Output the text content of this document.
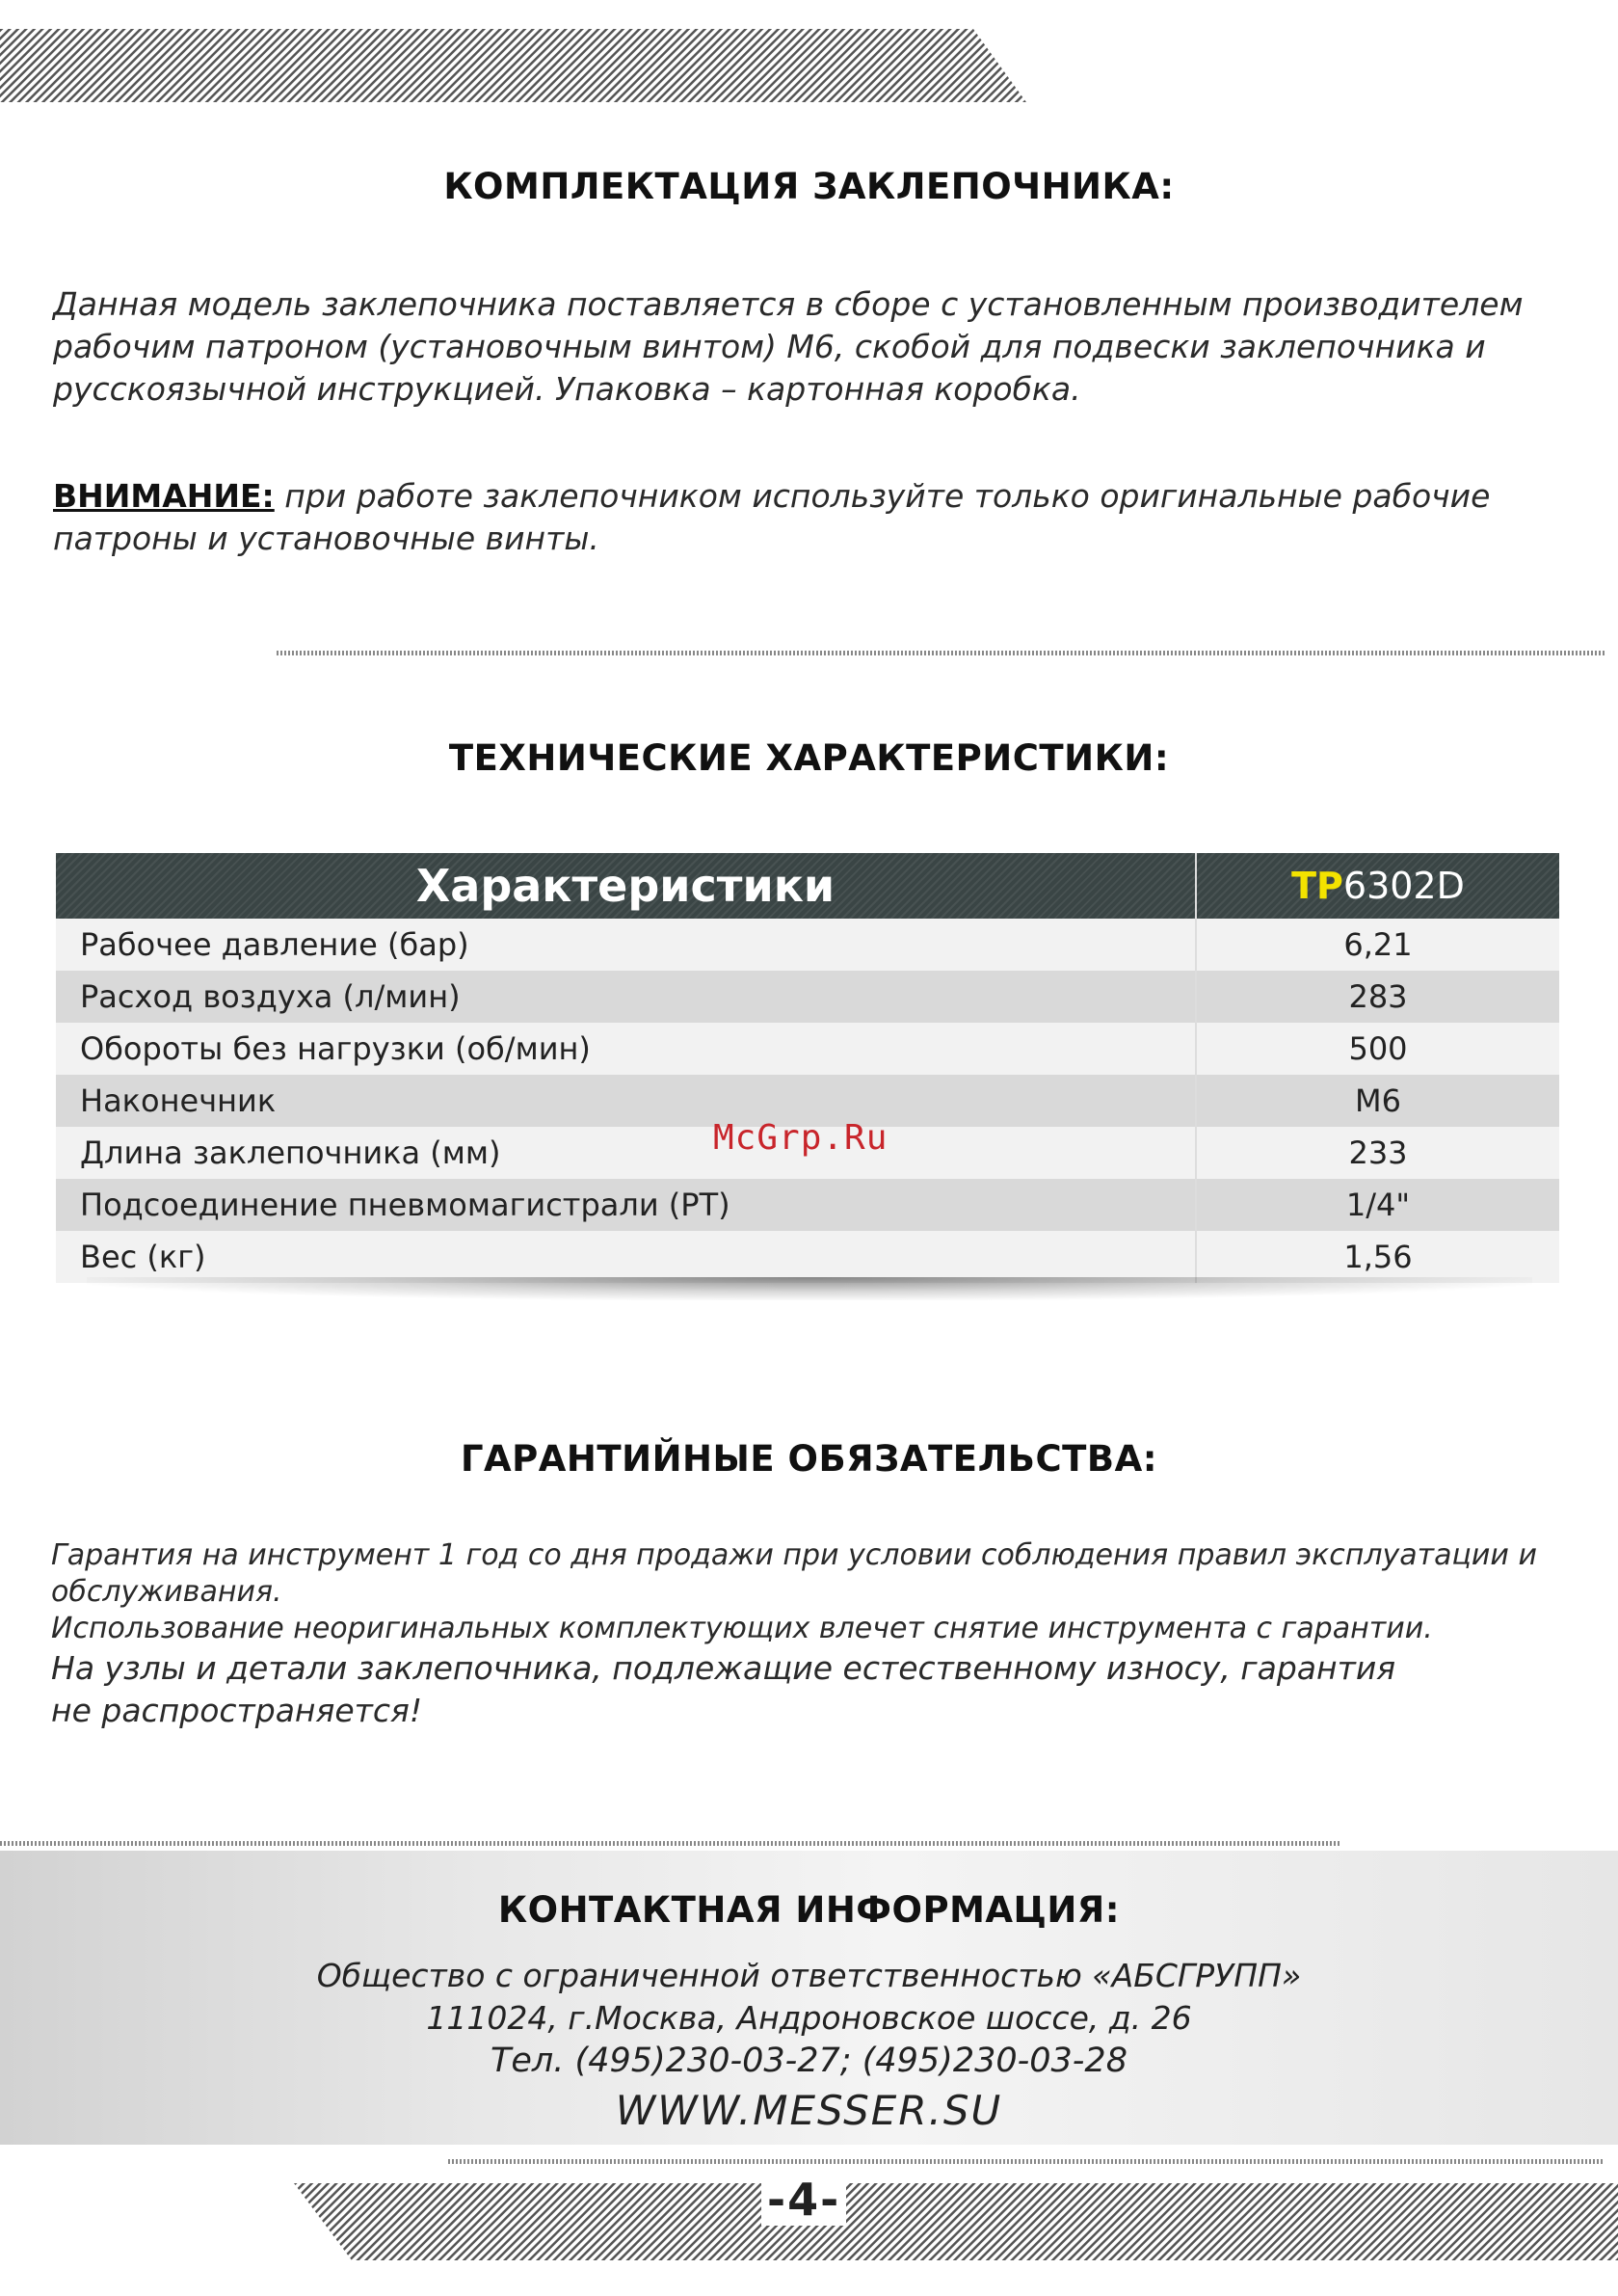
КОМПЛЕКТАЦИЯ ЗАКЛЕПОЧНИКА:
Данная модель заклепочника поставляется в сборе с установленным производителем
рабочим патроном (установочным винтом) М6, скобой для подвески заклепочника и
русскоязычной инструкцией. Упаковка – картонная коробка.
ВНИМАНИЕ: при работе заклепочником используйте только оригинальные рабочие
патроны и установочные винты.
ТЕХНИЧЕСКИЕ ХАРАКТЕРИСТИКИ:
Характеристики	TP6302D
Рабочее давление (бар)	6,21
Расход воздуха (л/мин)	283
Обороты без нагрузки (об/мин)	500
Наконечник	М6
Длина заклепочника (мм)	233
Подсоединение пневмомагистрали (PT)	1/4"
Вес (кг)	1,56
McGrp.Ru
ГАРАНТИЙНЫЕ ОБЯЗАТЕЛЬСТВА:
Гарантия на инструмент 1 год со дня продажи при условии соблюдения правил эксплуатации и
обслуживания.
Использование неоригинальных комплектующих влечет снятие инструмента с гарантии.
На узлы и детали заклепочника, подлежащие естественному износу, гарантия
не распространяется!
КОНТАКТНАЯ ИНФОРМАЦИЯ:
Общество с ограниченной ответственностью «АБСГРУПП»
111024, г.Москва, Андроновское шоссе, д. 26
Тел. (495)230-03-27; (495)230-03-28
WWW.MESSER.SU
-4-
